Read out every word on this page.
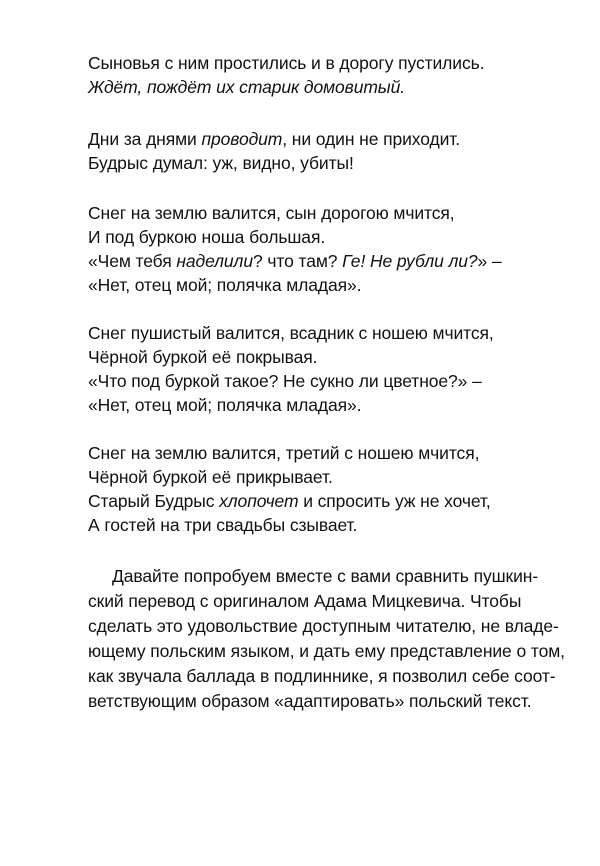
Сыновья с ним простились и в дорогу пустились.
Ждёт, пождёт их старик домовитый.
Дни за днями проводит, ни один не приходит.
Будрыс думал: уж, видно, убиты!
Снег на землю валится, сын дорогою мчится,
И под буркою ноша большая.
«Чем тебя наделили? что там? Ге! Не рубли ли?» –
«Нет, отец мой; полячка младая».
Снег пушистый валится, всадник с ношею мчится,
Чёрной буркой её покрывая.
«Что под буркой такое? Не сукно ли цветное?» –
«Нет, отец мой; полячка младая».
Снег на землю валится, третий с ношею мчится,
Чёрной буркой её прикрывает.
Старый Будрыс хлопочет и спросить уж не хочет,
А гостей на три свадьбы сзывает.
Давайте попробуем вместе с вами сравнить пушкин-
ский перевод с оригиналом Адама Мицкевича. Чтобы
сделать это удовольствие доступным читателю, не владе-
ющему польским языком, и дать ему представление о том,
как звучала баллада в подлиннике, я позволил себе соот-
ветствующим образом «адаптировать» польский текст.
